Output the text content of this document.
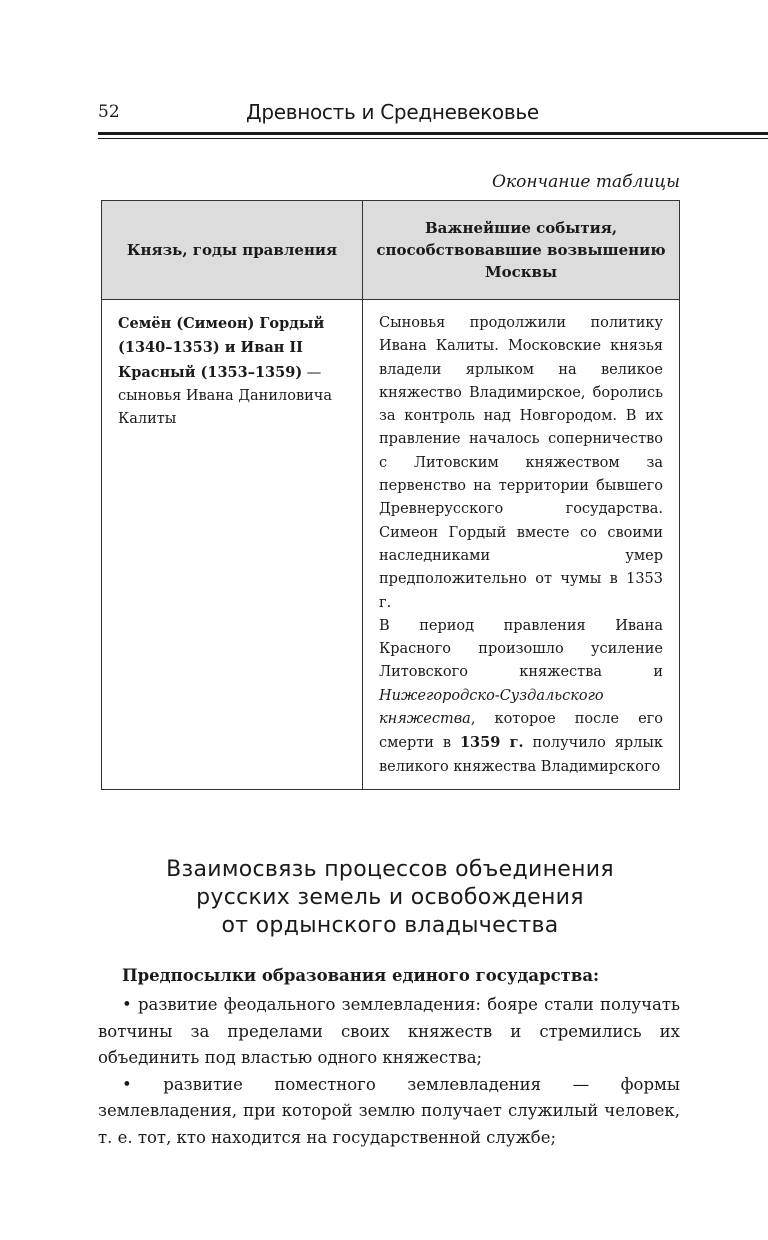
52	Древность и Средневековье
Окончание таблицы
Князь, годы правления	Важнейшие события, способствовавшие возвышению Москвы
Семён (Симеон) Гордый (1340–1353) и Иван II Красный (1353–1359) — сыновья Ивана Даниловича Калиты	Сыновья продолжили политику Ивана Калиты. Московские князья владели ярлыком на великое княжество Владимирское, боролись за контроль над Новгородом. В их правление началось соперничество с Литовским княжеством за первенство на территории бывшего Древнерусского государства. Симеон Гордый вместе со своими наследниками умер предположительно от чумы в 1353 г.
В период правления Ивана Красного произошло усиление Литовского княжества и Нижегородско-Суздальского княжества, которое после его смерти в 1359 г. получило ярлык великого княжества Владимирского
Взаимосвязь процессов объединения
русских земель и освобождения
от ордынского владычества
Предпосылки образования единого государства:

• развитие феодального землевладения: бояре стали получать вотчины за пределами своих княжеств и стремились их объединить под властью одного княжества;

• развитие поместного землевладения — формы землевладения, при которой землю получает служилый человек, т. е. тот, кто находится на государственной службе;
